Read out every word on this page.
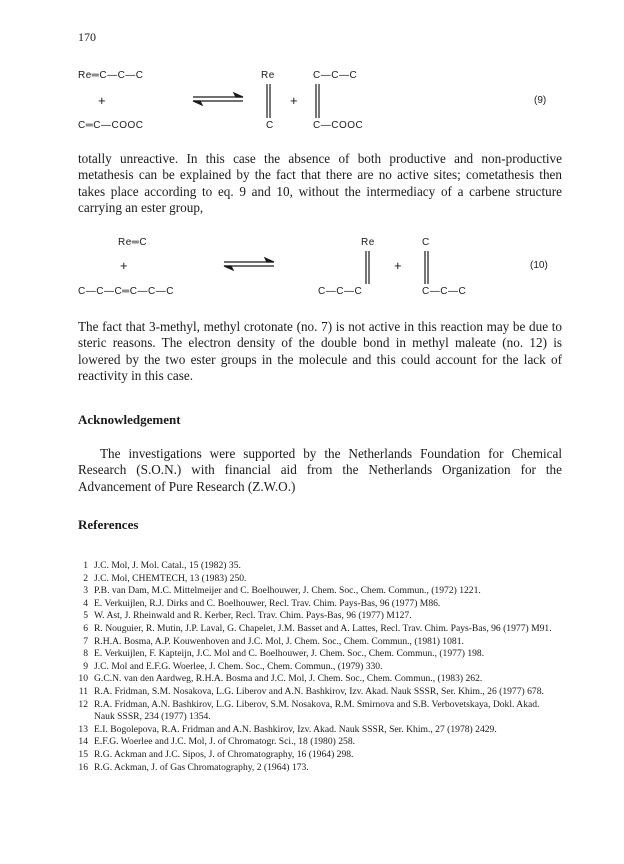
170
Re═C—C—C
+
C═C—COOC
Re
C
+
C—C—C
C—COOC
(9)
totally unreactive. In this case the absence of both productive and non-productive metathesis can be explained by the fact that there are no active sites; cometathesis then takes place according to eq. 9 and 10, without the intermediacy of a carbene structure carrying an ester group,
Re═C
+
C—C—C═C—C—C
Re
C—C—C
+
C
C—C—C
(10)
The fact that 3-methyl, methyl crotonate (no. 7) is not active in this reaction may be due to steric reasons. The electron density of the double bond in methyl maleate (no. 12) is lowered by the two ester groups in the molecule and this could account for the lack of reactivity in this case.
Acknowledgement
The investigations were supported by the Netherlands Foundation for Chemical Research (S.O.N.) with financial aid from the Netherlands Organization for the Advancement of Pure Research (Z.W.O.)
References
1 J.C. Mol, J. Mol. Catal., 15 (1982) 35.
2 J.C. Mol, CHEMTECH, 13 (1983) 250.
3 P.B. van Dam, M.C. Mittelmeijer and C. Boelhouwer, J. Chem. Soc., Chem. Commun., (1972) 1221.
4 E. Verkuijlen, R.J. Dirks and C. Boelhouwer, Recl. Trav. Chim. Pays-Bas, 96 (1977) M86.
5 W. Ast, J. Rheinwald and R. Kerber, Recl. Trav. Chim. Pays-Bas, 96 (1977) M127.
6 R. Nouguier, R. Mutin, J.P. Laval, G. Chapelet, J.M. Basset and A. Lattes, Recl. Trav. Chim. Pays-Bas, 96 (1977) M91.
7 R.H.A. Bosma, A.P. Kouwenhoven and J.C. Mol, J. Chem. Soc., Chem. Commun., (1981) 1081.
8 E. Verkuijlen, F. Kapteijn, J.C. Mol and C. Boelhouwer, J. Chem. Soc., Chem. Commun., (1977) 198.
9 J.C. Mol and E.F.G. Woerlee, J. Chem. Soc., Chem. Commun., (1979) 330.
10 G.C.N. van den Aardweg, R.H.A. Bosma and J.C. Mol, J. Chem. Soc., Chem. Commun., (1983) 262.
11 R.A. Fridman, S.M. Nosakova, L.G. Liberov and A.N. Bashkirov, Izv. Akad. Nauk SSSR, Ser. Khim., 26 (1977) 678.
12 R.A. Fridman, A.N. Bashkirov, L.G. Liberov, S.M. Nosakova, R.M. Smirnova and S.B. Verbovetskaya, Dokl. Akad. Nauk SSSR, 234 (1977) 1354.
13 E.I. Bogolepova, R.A. Fridman and A.N. Bashkirov, Izv. Akad. Nauk SSSR, Ser. Khim., 27 (1978) 2429.
14 E.F.G. Woerlee and J.C. Mol, J. of Chromatogr. Sci., 18 (1980) 258.
15 R.G. Ackman and J.C. Sipos, J. of Chromatography, 16 (1964) 298.
16 R.G. Ackman, J. of Gas Chromatography, 2 (1964) 173.
